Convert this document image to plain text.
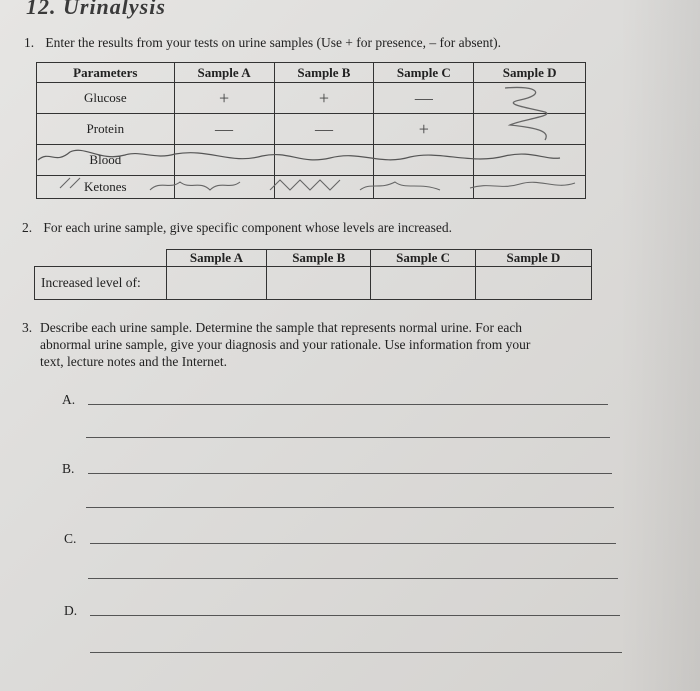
12. Urinalysis
1. Enter the results from your tests on urine samples (Use + for presence, – for absent).
Parameters	Sample A	Sample B	Sample C	Sample D
Glucose	+	+	—	
Protein	—	—	+	
Blood				
Ketones				
2. For each urine sample, give specific component whose levels are increased.
	Sample A	Sample B	Sample C	Sample D
Increased level of:				
3. Describe each urine sample. Determine the sample that represents normal urine. For each
abnormal urine sample, give your diagnosis and your rationale. Use information from your
text, lecture notes and the Internet.
A.
B.
C.
D.
